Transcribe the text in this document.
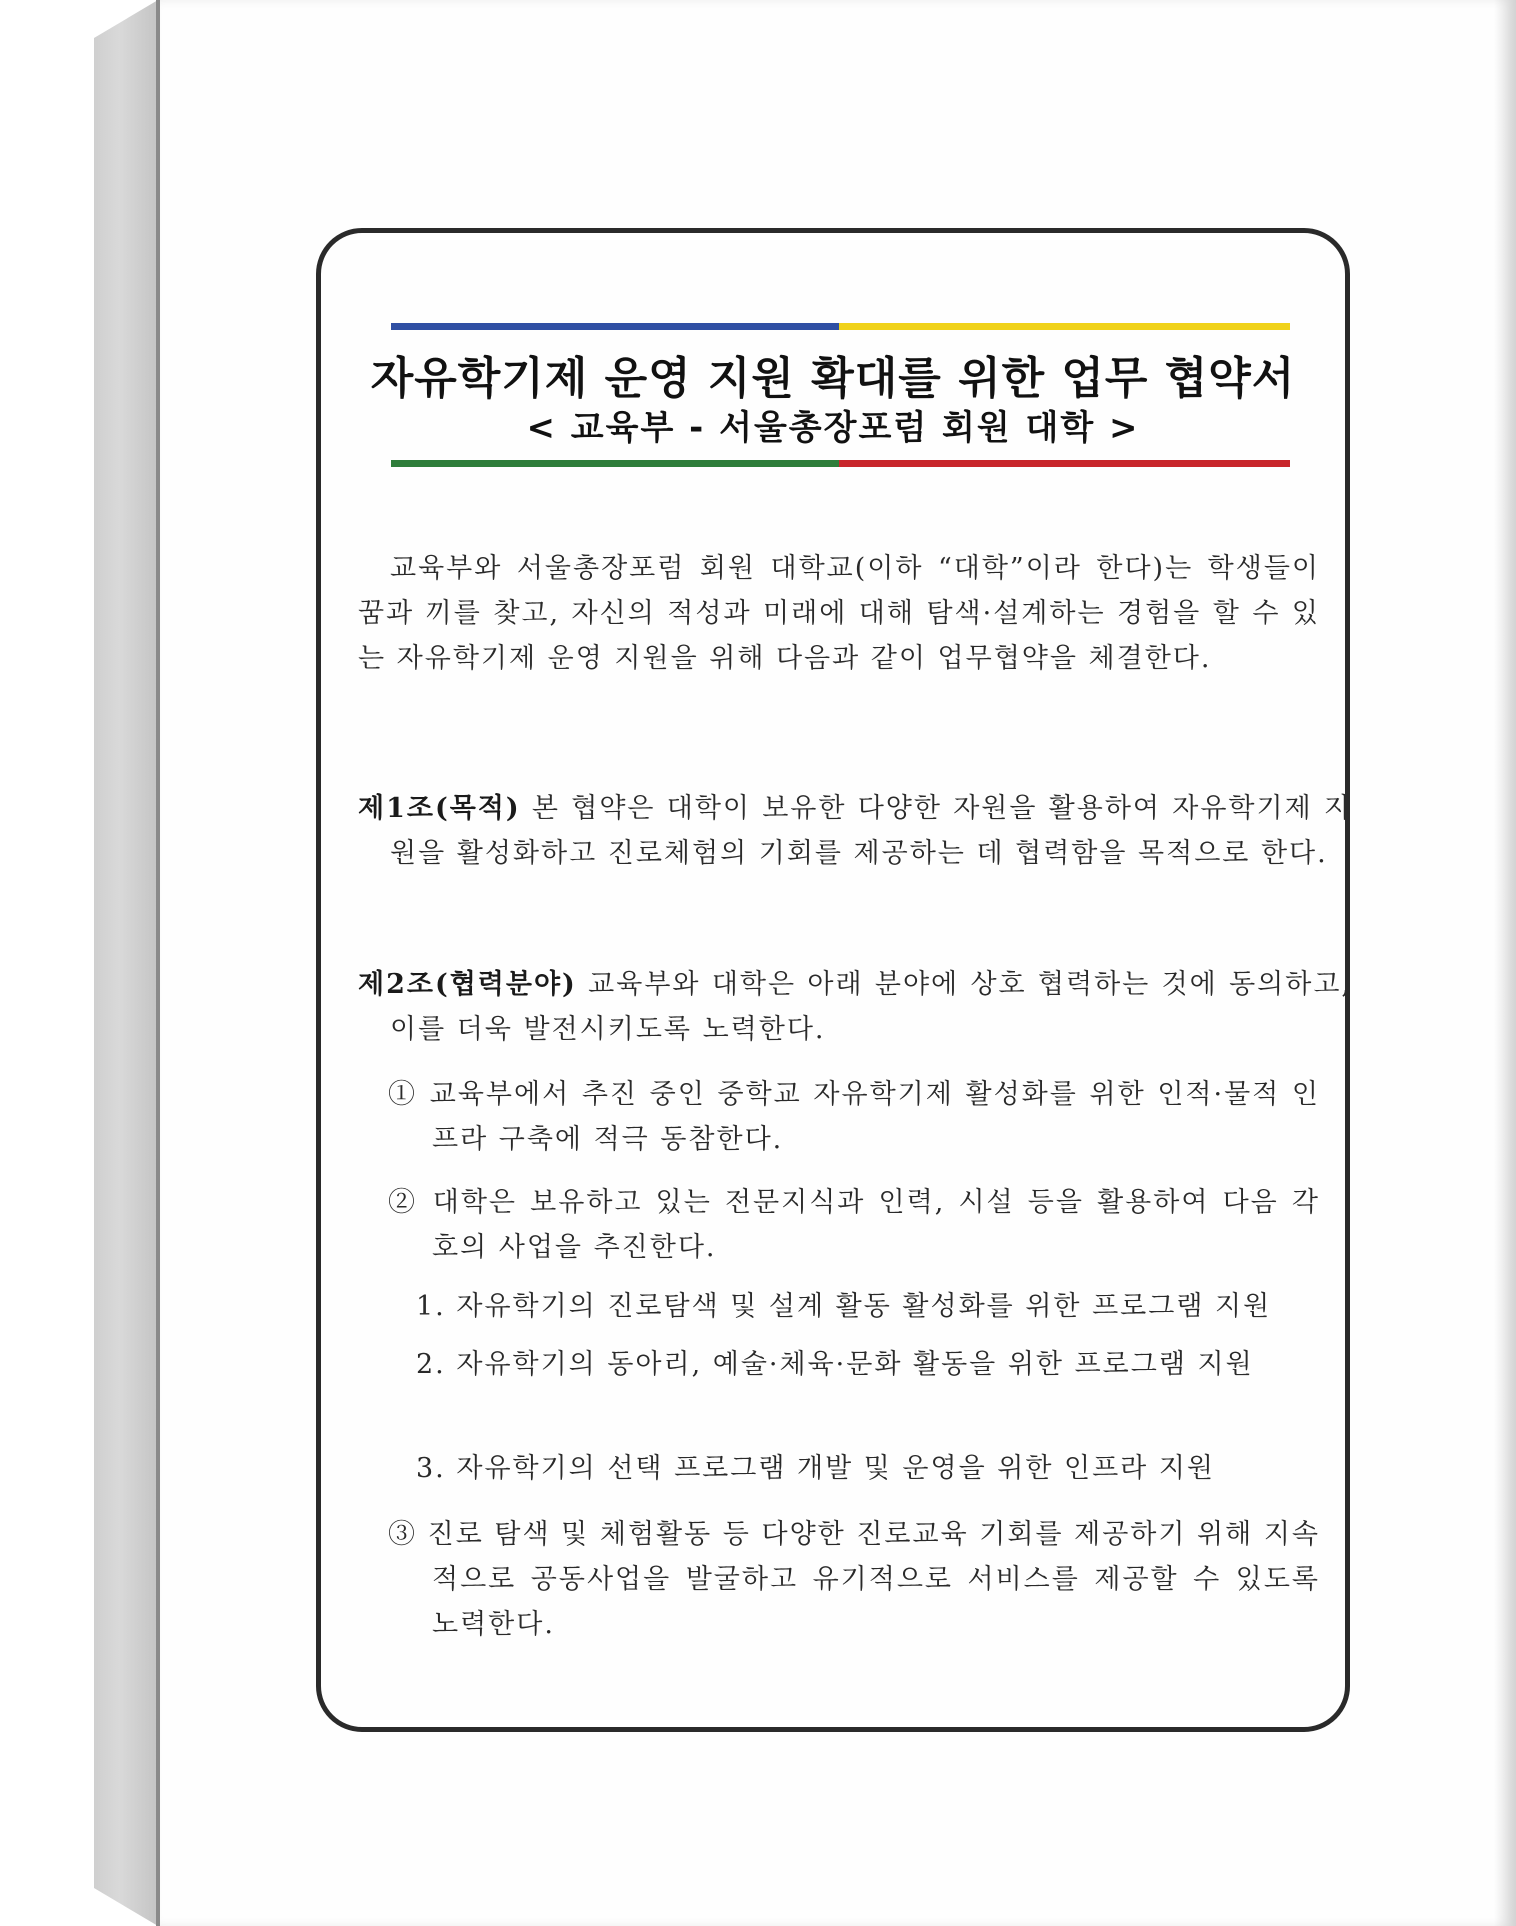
자유학기제 운영 지원 확대를 위한 업무 협약서
< 교육부 - 서울총장포럼 회원 대학 >
교육부와 서울총장포럼 회원 대학교(이하 “대학”이라 한다)는 학생들이 꿈과 끼를 찾고, 자신의 적성과 미래에 대해 탐색·설계하는 경험을 할 수 있는 자유학기제 운영 지원을 위해 다음과 같이 업무협약을 체결한다.
제1조(목적) 본 협약은 대학이 보유한 다양한 자원을 활용하여 자유학기제 지원을 활성화하고 진로체험의 기회를 제공하는 데 협력함을 목적으로 한다.
제2조(협력분야) 교육부와 대학은 아래 분야에 상호 협력하는 것에 동의하고, 이를 더욱 발전시키도록 노력한다.
① 교육부에서 추진 중인 중학교 자유학기제 활성화를 위한 인적·물적 인프라 구축에 적극 동참한다.
② 대학은 보유하고 있는 전문지식과 인력, 시설 등을 활용하여 다음 각 호의 사업을 추진한다.
1. 자유학기의 진로탐색 및 설계 활동 활성화를 위한 프로그램 지원
2. 자유학기의 동아리, 예술·체육·문화 활동을 위한 프로그램 지원
3. 자유학기의 선택 프로그램 개발 및 운영을 위한 인프라 지원
③ 진로 탐색 및 체험활동 등 다양한 진로교육 기회를 제공하기 위해 지속적으로 공동사업을 발굴하고 유기적으로 서비스를 제공할 수 있도록 노력한다.
